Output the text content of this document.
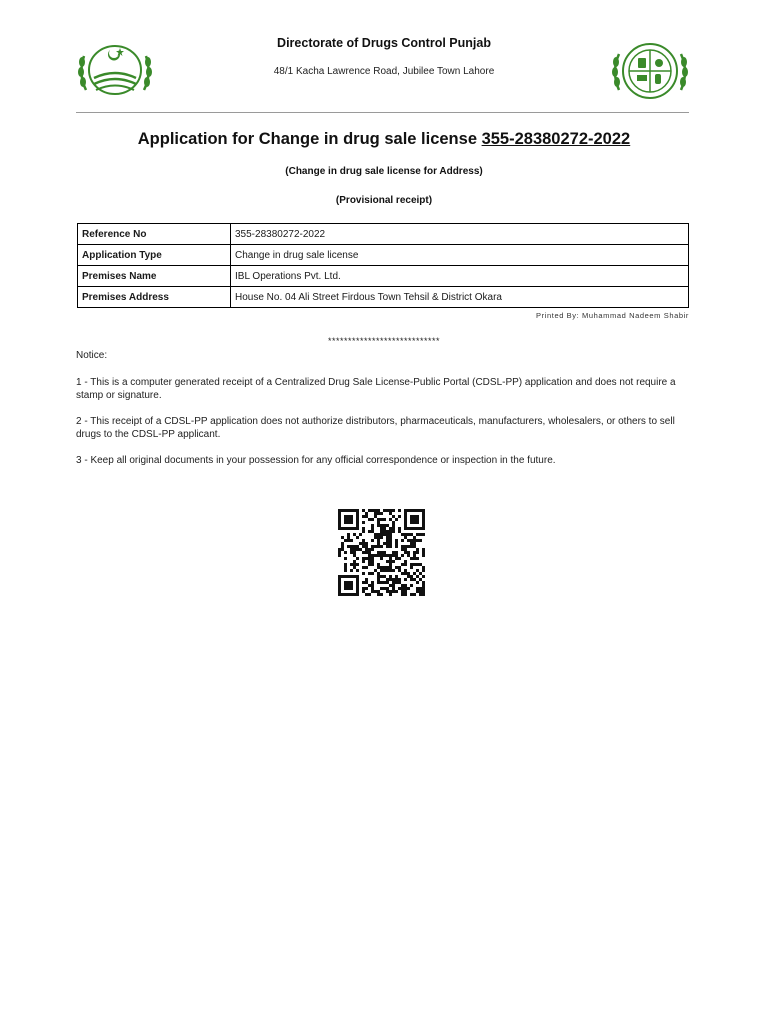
Directorate of Drugs Control Punjab
48/1 Kacha Lawrence Road, Jubilee Town Lahore
Application for Change in drug sale license 355-28380272-2022
(Change in drug sale license for Address)
(Provisional receipt)
Reference No	355-28380272-2022
Application Type	Change in drug sale license
Premises Name	IBL Operations Pvt. Ltd.
Premises Address	House No. 04 Ali Street Firdous Town Tehsil & District Okara
Printed By: Muhammad Nadeem Shabir
****************************
Notice:
1 - This is a computer generated receipt of a Centralized Drug Sale License-Public Portal (CDSL-PP) application and does not require a stamp or signature.
2 - This receipt of a CDSL-PP application does not authorize distributors, pharmaceuticals, manufacturers, wholesalers, or others to sell drugs to the CDSL-PP applicant.
3 - Keep all original documents in your possession for any official correspondence or inspection in the future.
